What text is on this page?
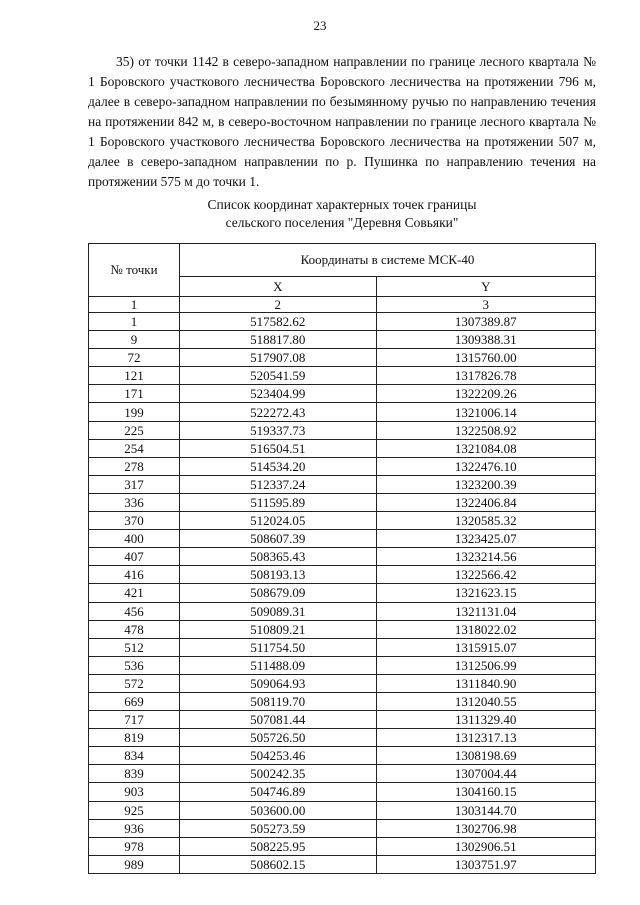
23

35) от точки 1142 в северо-западном направлении по границе лесного квартала № 1 Боровского участкового лесничества Боровского лесничества на протяжении 796 м, далее в северо-западном направлении по безымянному ручью по направлению течения на протяжении 842 м, в северо-восточном направлении по границе лесного квартала № 1 Боровского участкового лесничества Боровского лесничества на протяжении 507 м, далее в северо-западном направлении по р. Пушинка по направлению течения на протяжении 575 м до точки 1.

Список координат характерных точек границы
сельского поселения "Деревня Совьяки"
№ точки	Координаты в системе МСК-40	
	X	Y
1	2	3
1	517582.62	1307389.87
9	518817.80	1309388.31
72	517907.08	1315760.00
121	520541.59	1317826.78
171	523404.99	1322209.26
199	522272.43	1321006.14
225	519337.73	1322508.92
254	516504.51	1321084.08
278	514534.20	1322476.10
317	512337.24	1323200.39
336	511595.89	1322406.84
370	512024.05	1320585.32
400	508607.39	1323425.07
407	508365.43	1323214.56
416	508193.13	1322566.42
421	508679.09	1321623.15
456	509089.31	1321131.04
478	510809.21	1318022.02
512	511754.50	1315915.07
536	511488.09	1312506.99
572	509064.93	1311840.90
669	508119.70	1312040.55
717	507081.44	1311329.40
819	505726.50	1312317.13
834	504253.46	1308198.69
839	500242.35	1307004.44
903	504746.89	1304160.15
925	503600.00	1303144.70
936	505273.59	1302706.98
978	508225.95	1302906.51
989	508602.15	1303751.97
